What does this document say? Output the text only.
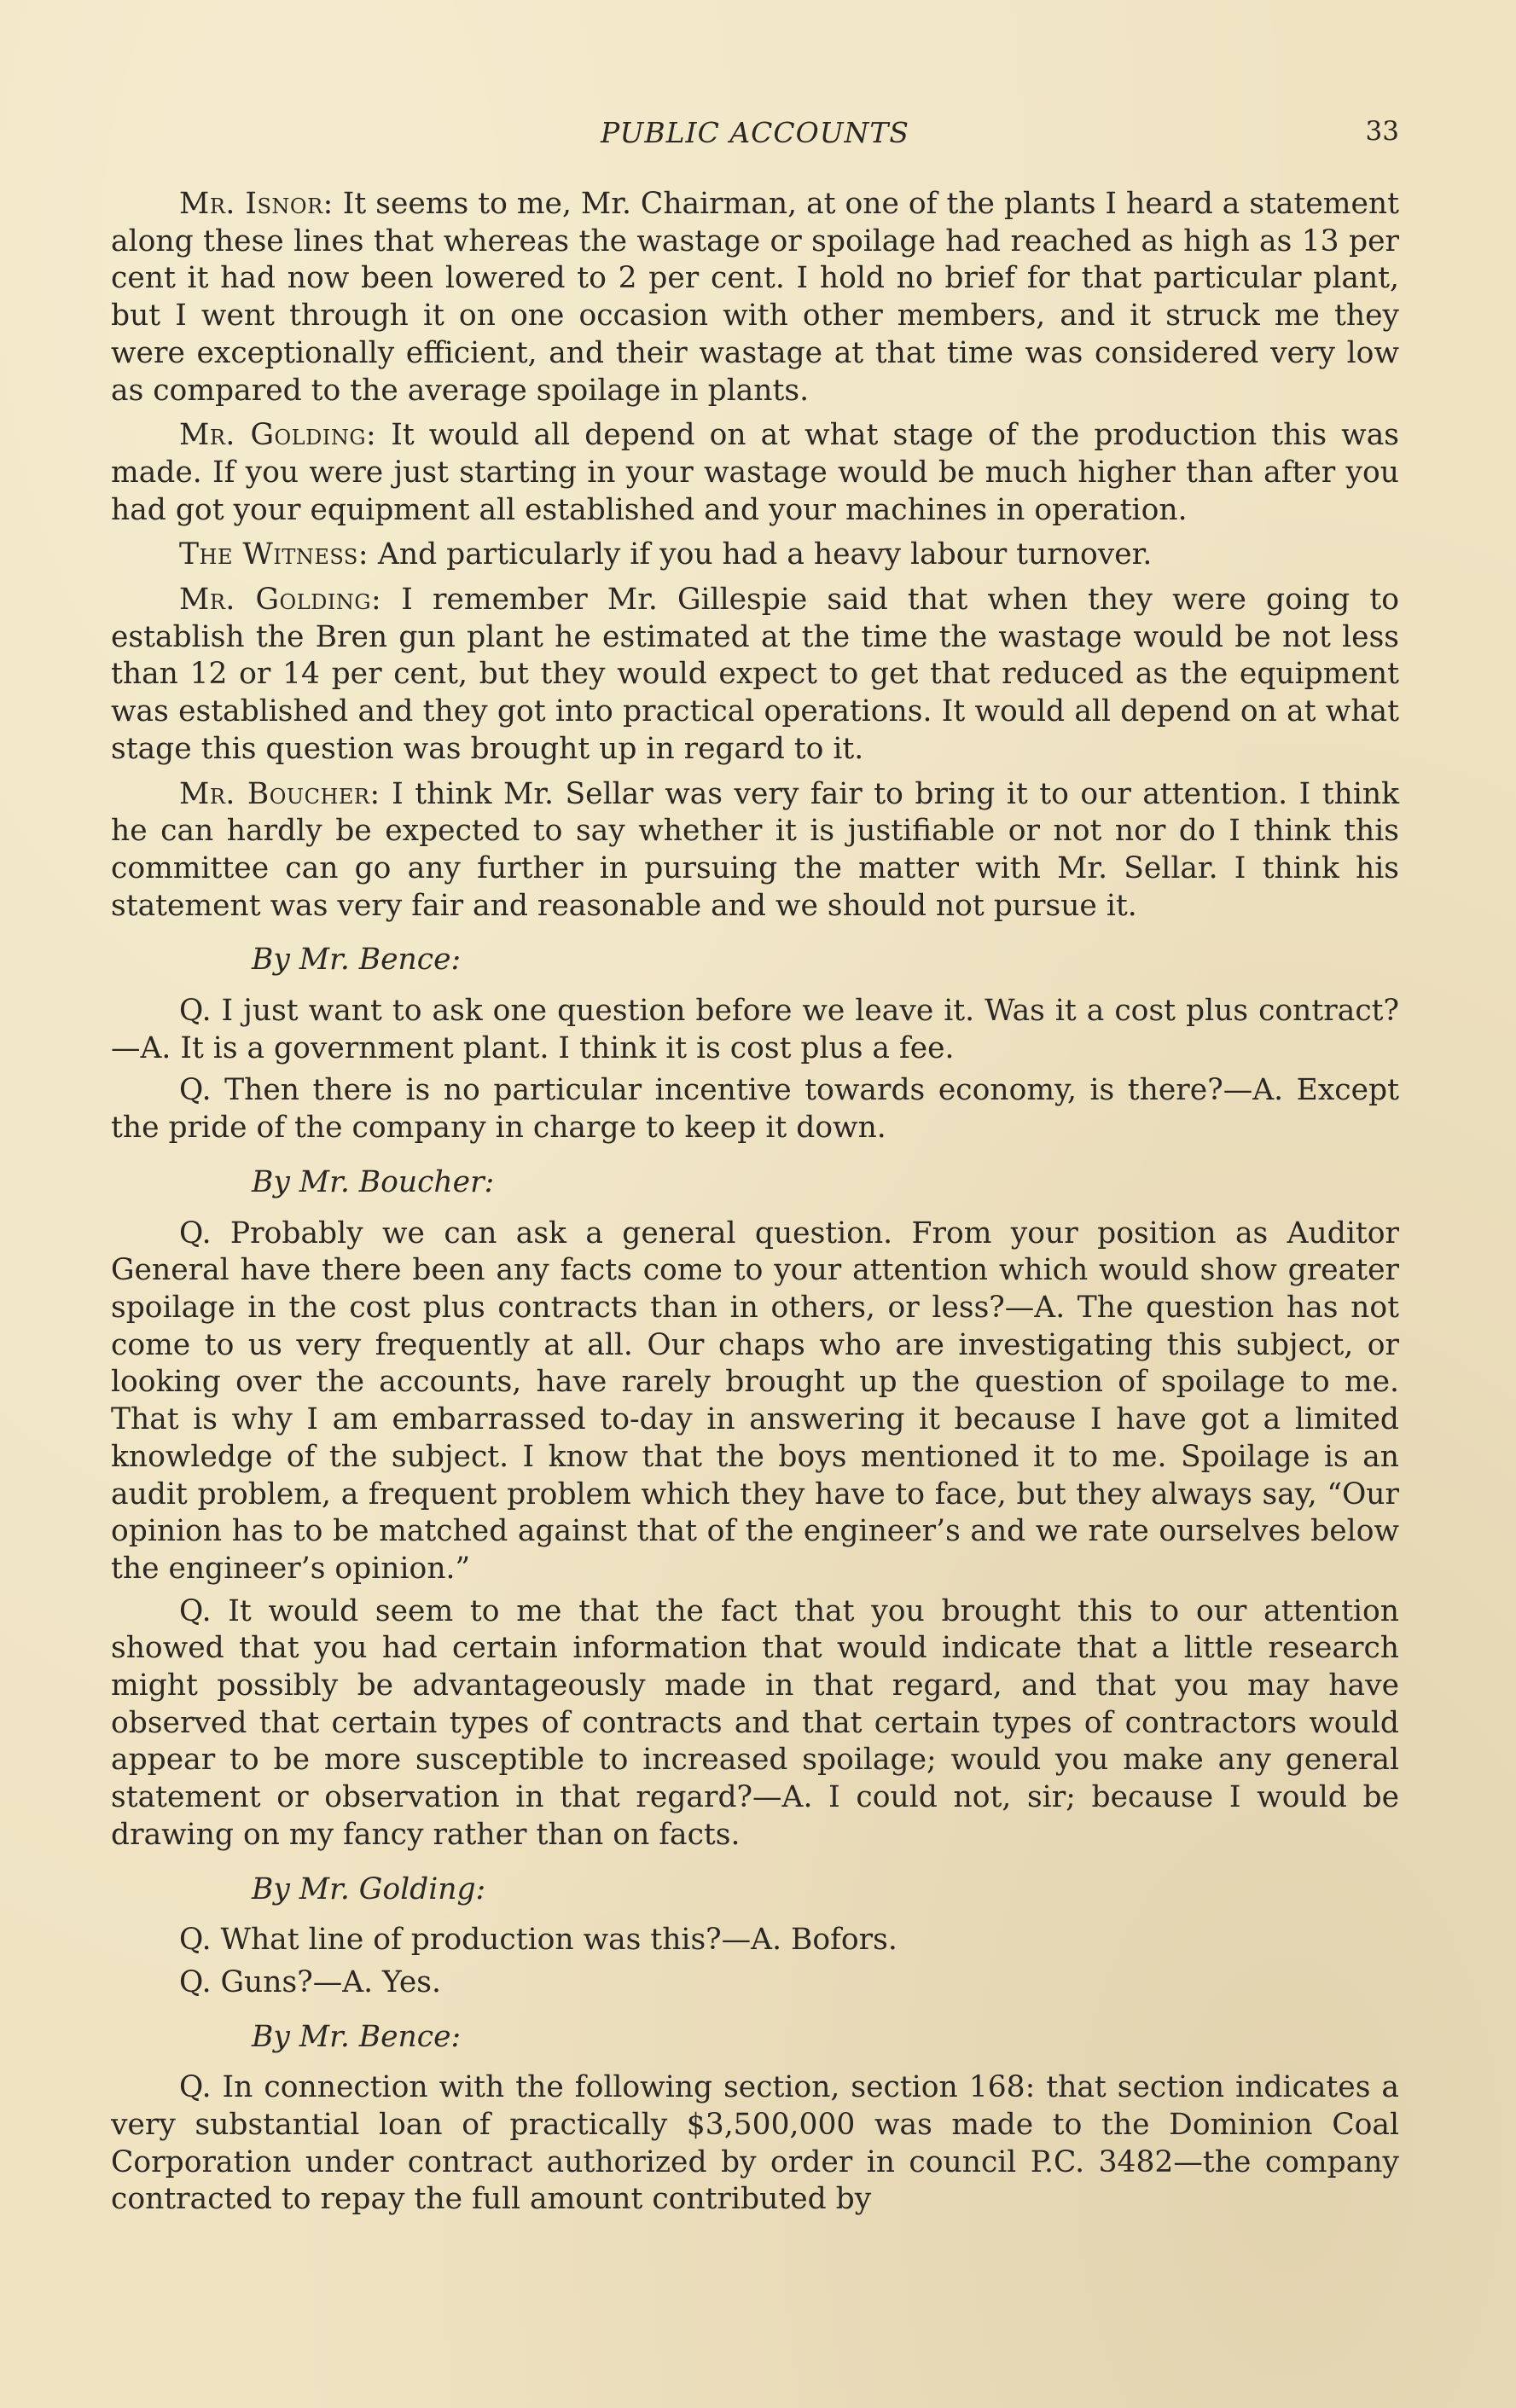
PUBLIC ACCOUNTS	33

Mr. Isnor: It seems to me, Mr. Chairman, at one of the plants I heard a statement along these lines that whereas the wastage or spoilage had reached as high as 13 per cent it had now been lowered to 2 per cent. I hold no brief for that particular plant, but I went through it on one occasion with other members, and it struck me they were exceptionally efficient, and their wastage at that time was considered very low as compared to the average spoilage in plants.

Mr. Golding: It would all depend on at what stage of the production this was made. If you were just starting in your wastage would be much higher than after you had got your equipment all established and your machines in operation.

The Witness: And particularly if you had a heavy labour turnover.

Mr. Golding: I remember Mr. Gillespie said that when they were going to establish the Bren gun plant he estimated at the time the wastage would be not less than 12 or 14 per cent, but they would expect to get that reduced as the equipment was established and they got into practical operations. It would all depend on at what stage this question was brought up in regard to it.

Mr. Boucher: I think Mr. Sellar was very fair to bring it to our attention. I think he can hardly be expected to say whether it is justifiable or not nor do I think this committee can go any further in pursuing the matter with Mr. Sellar. I think his statement was very fair and reasonable and we should not pursue it.

By Mr. Bence:

Q. I just want to ask one question before we leave it. Was it a cost plus contract?—A. It is a government plant. I think it is cost plus a fee.

Q. Then there is no particular incentive towards economy, is there?—A. Except the pride of the company in charge to keep it down.

By Mr. Boucher:

Q. Probably we can ask a general question. From your position as Auditor General have there been any facts come to your attention which would show greater spoilage in the cost plus contracts than in others, or less?—A. The question has not come to us very frequently at all. Our chaps who are investigating this subject, or looking over the accounts, have rarely brought up the question of spoilage to me. That is why I am embarrassed to-day in answering it because I have got a limited knowledge of the subject. I know that the boys mentioned it to me. Spoilage is an audit problem, a frequent problem which they have to face, but they always say, “Our opinion has to be matched against that of the engineer’s and we rate ourselves below the engineer’s opinion.”

Q. It would seem to me that the fact that you brought this to our attention showed that you had certain information that would indicate that a little research might possibly be advantageously made in that regard, and that you may have observed that certain types of contracts and that certain types of contractors would appear to be more susceptible to increased spoilage; would you make any general statement or observation in that regard?—A. I could not, sir; because I would be drawing on my fancy rather than on facts.

By Mr. Golding:

Q. What line of production was this?—A. Bofors.

Q. Guns?—A. Yes.

By Mr. Bence:

Q. In connection with the following section, section 168: that section indicates a very substantial loan of practically $3,500,000 was made to the Dominion Coal Corporation under contract authorized by order in council P.C. 3482—the company contracted to repay the full amount contributed by
